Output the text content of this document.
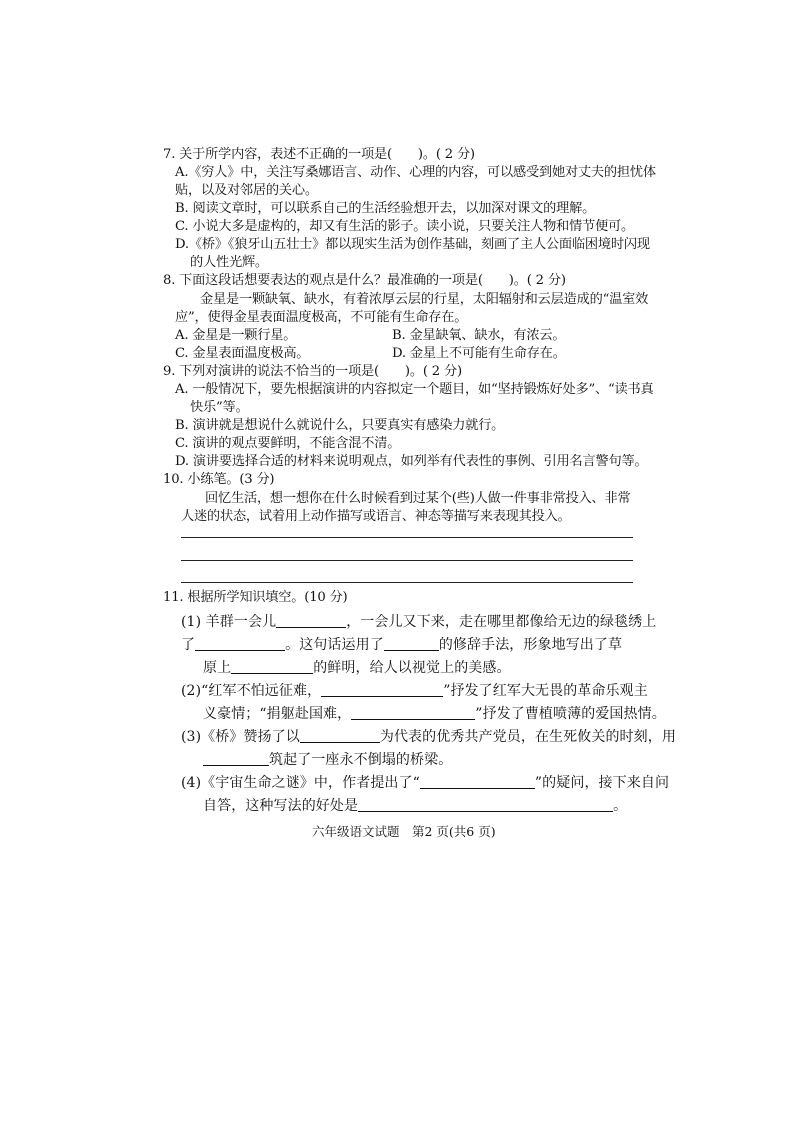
7. 关于所学内容，表述不正确的一项是(　　)。( 2 分)
A.《穷人》中，关注写桑娜语言、动作、心理的内容，可以感受到她对丈夫的担忧体
贴，以及对邻居的关心。
B. 阅读文章时，可以联系自己的生活经验想开去，以加深对课文的理解。
C. 小说大多是虚构的，却又有生活的影子。读小说，只要关注人物和情节便可。
D.《桥》《狼牙山五壮士》都以现实生活为创作基础，刻画了主人公面临困境时闪现
的人性光辉。
8. 下面这段话想要表达的观点是什么？最准确的一项是(　　)。( 2 分)
金星是一颗缺氧、缺水，有着浓厚云层的行星，太阳辐射和云层造成的“温室效
应”，使得金星表面温度极高，不可能有生命存在。
A. 金星是一颗行星。	B. 金星缺氧、缺水，有浓云。
C. 金星表面温度极高。	D. 金星上不可能有生命存在。
9. 下列对演讲的说法不恰当的一项是(　　)。( 2 分)
A. 一般情况下，要先根据演讲的内容拟定一个题目，如“坚持锻炼好处多”、“读书真
快乐”等。
B. 演讲就是想说什么就说什么，只要真实有感染力就行。
C. 演讲的观点要鲜明，不能含混不清。
D. 演讲要选择合适的材料来说明观点，如列举有代表性的事例、引用名言警句等。
10. 小练笔。(3 分)
回忆生活，想一想你在什么时候看到过某个(些)人做一件事非常投入、非常
人迷的状态，试着用上动作描写或语言、神态等描写来表现其投入。
11. 根据所学知识填空。(10 分)
(1) 羊群一会儿	，一会儿又下来，走在哪里都像给无边的绿毯绣上
了	。这句话运用了	的修辞手法，形象地写出了草
原上	的鲜明，给人以视觉上的美感。
(2)“红军不怕远征难，	”抒发了红军大无畏的革命乐观主
义豪情；“捐躯赴国难，	”抒发了曹植喷薄的爱国热情。
(3)《桥》赞扬了以	为代表的优秀共产党员，在生死攸关的时刻，用
筑起了一座永不倒塌的桥梁。
(4)《宇宙生命之谜》中，作者提出了“	”的疑问，接下来自问
自答，这种写法的好处是	。
六年级语文试题　第2 页(共6 页)
